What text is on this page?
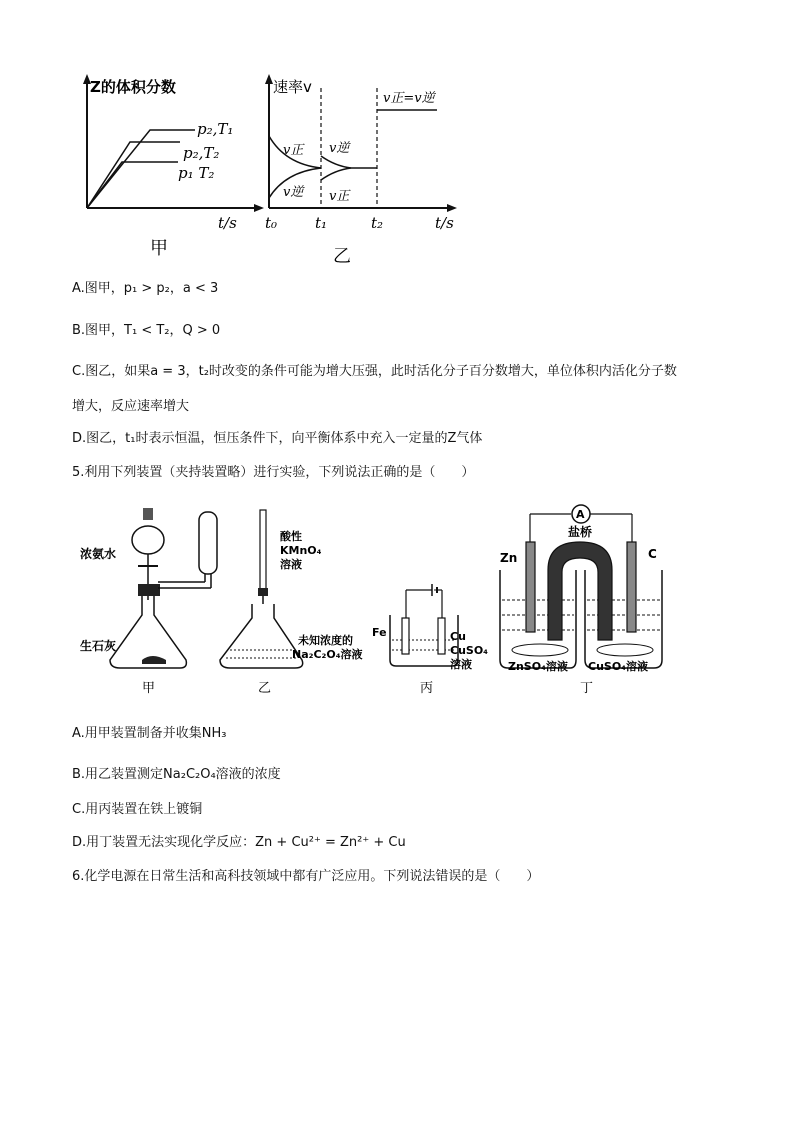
Z的体积分数
p₂,T₁
p₂,T₂
p₁ T₂
t/s
甲
速率v
v正
v逆
v逆
v正
v正=v逆
t₀	t₁	t₂	t/s
乙
A.图甲，p₁ > p₂，a < 3
B.图甲，T₁ < T₂，Q > 0
C.图乙，如果a = 3，t₂时改变的条件可能为增大压强，此时活化分子百分数增大，单位体积内活化分子数
增大，反应速率增大
D.图乙，t₁时表示恒温，恒压条件下，向平衡体系中充入一定量的Z气体
5.利用下列装置（夹持装置略）进行实验，下列说法正确的是（　　）
浓氨水
生石灰
甲
酸性
KMnO₄
溶液
未知浓度的
Na₂C₂O₄溶液
乙
Fe	Cu
CuSO₄
溶液
丙
A
盐桥
Zn	C
ZnSO₄溶液 CuSO₄溶液
丁
A.用甲装置制备并收集NH₃
B.用乙装置测定Na₂C₂O₄溶液的浓度
C.用丙装置在铁上镀铜
D.用丁装置无法实现化学反应：Zn + Cu²⁺ = Zn²⁺ + Cu
6.化学电源在日常生活和高科技领域中都有广泛应用。下列说法错误的是（　　）
